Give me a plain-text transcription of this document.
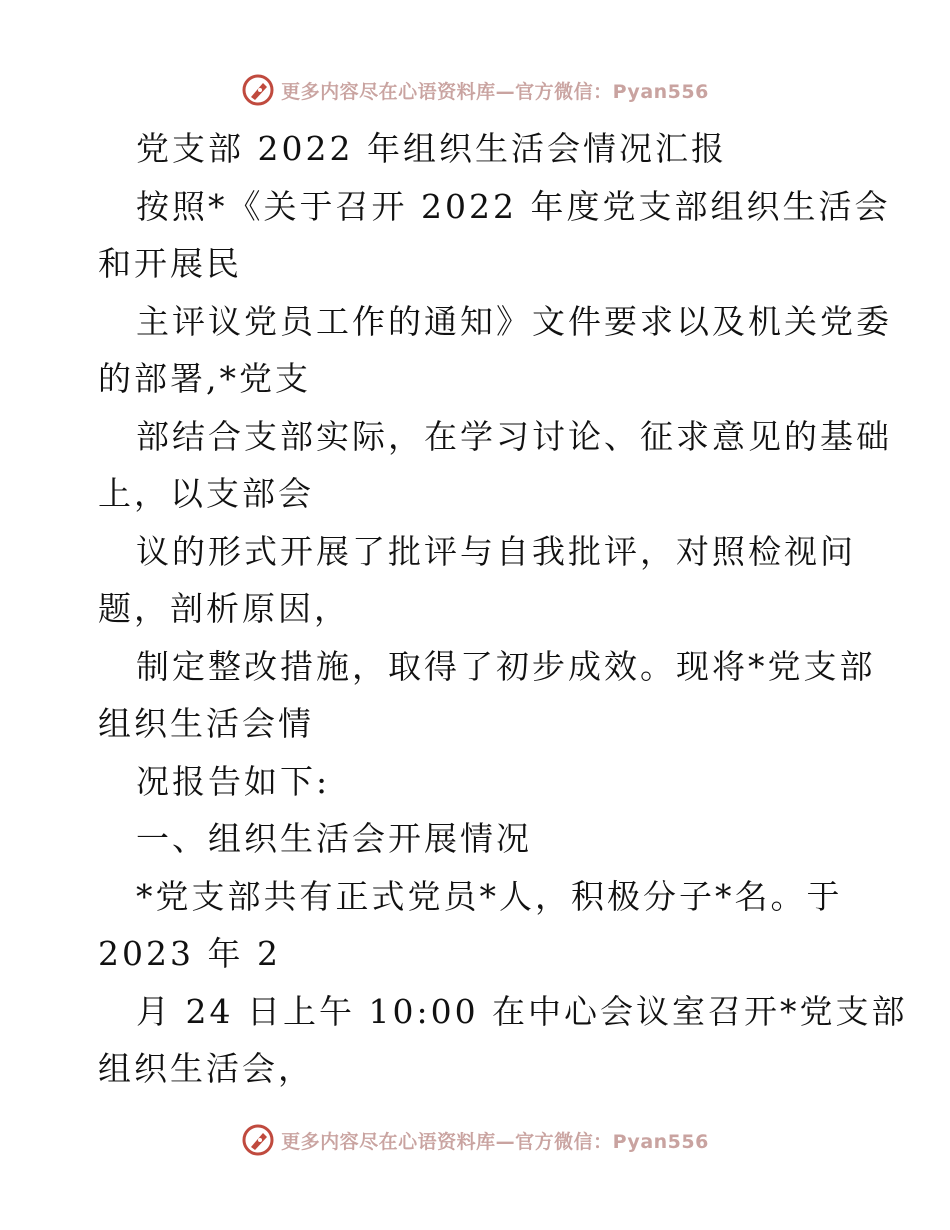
更多内容尽在心语资料库—官方微信：Pyan556
党支部 2022 年组织生活会情况汇报
按照*《关于召开 2022 年度党支部组织生活会
和开展民
主评议党员工作的通知》文件要求以及机关党委
的部署,*党支
部结合支部实际，在学习讨论、征求意见的基础
上，以支部会
议的形式开展了批评与自我批评，对照检视问
题，剖析原因，
制定整改措施，取得了初步成效。现将*党支部
组织生活会情
况报告如下:
一、组织生活会开展情况
*党支部共有正式党员*人，积极分子*名。于
2023 年 2
月 24 日上午 10:00 在中心会议室召开*党支部
组织生活会，
更多内容尽在心语资料库—官方微信：Pyan556
